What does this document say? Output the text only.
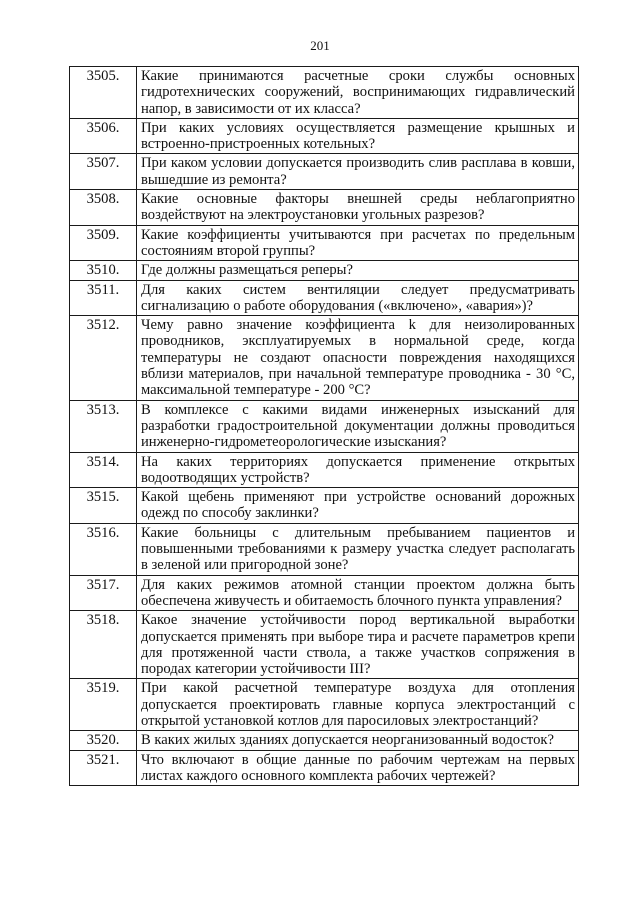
201
3505.	Какие принимаются расчетные сроки службы основных гидротехнических сооружений, воспринимающих гидравлический напор, в зависимости от их класса?
3506.	При каких условиях осуществляется размещение крышных и встроенно-пристроенных котельных?
3507.	При каком условии допускается производить слив расплава в ковши, вышедшие из ремонта?
3508.	Какие основные факторы внешней среды неблагоприятно воздействуют на электроустановки угольных разрезов?
3509.	Какие коэффициенты учитываются при расчетах по предельным состояниям второй группы?
3510.	Где должны размещаться реперы?
3511.	Для каких систем вентиляции следует предусматривать сигнализацию о работе оборудования («включено», «авария»)?
3512.	Чему равно значение коэффициента k для неизолированных проводников, эксплуатируемых в нормальной среде, когда температуры не создают опасности повреждения находящихся вблизи материалов, при начальной температуре проводника - 30 °С, максимальной температуре - 200 °С?
3513.	В комплексе с какими видами инженерных изысканий для разработки градостроительной документации должны проводиться инженерно-гидрометеорологические изыскания?
3514.	На каких территориях допускается применение открытых водоотводящих устройств?
3515.	Какой щебень применяют при устройстве оснований дорожных одежд по способу заклинки?
3516.	Какие больницы с длительным пребыванием пациентов и повышенными требованиями к размеру участка следует располагать в зеленой или пригородной зоне?
3517.	Для каких режимов атомной станции проектом должна быть обеспечена живучесть и обитаемость блочного пункта управления?
3518.	Какое значение устойчивости пород вертикальной выработки допускается применять при выборе тира и расчете параметров крепи для протяженной части ствола, а также участков сопряжения в породах категории устойчивости III?
3519.	При какой расчетной температуре воздуха для отопления допускается проектировать главные корпуса электростанций с открытой установкой котлов для паросиловых электростанций?
3520.	В каких жилых зданиях допускается неорганизованный водосток?
3521.	Что включают в общие данные по рабочим чертежам на первых листах каждого основного комплекта рабочих чертежей?
